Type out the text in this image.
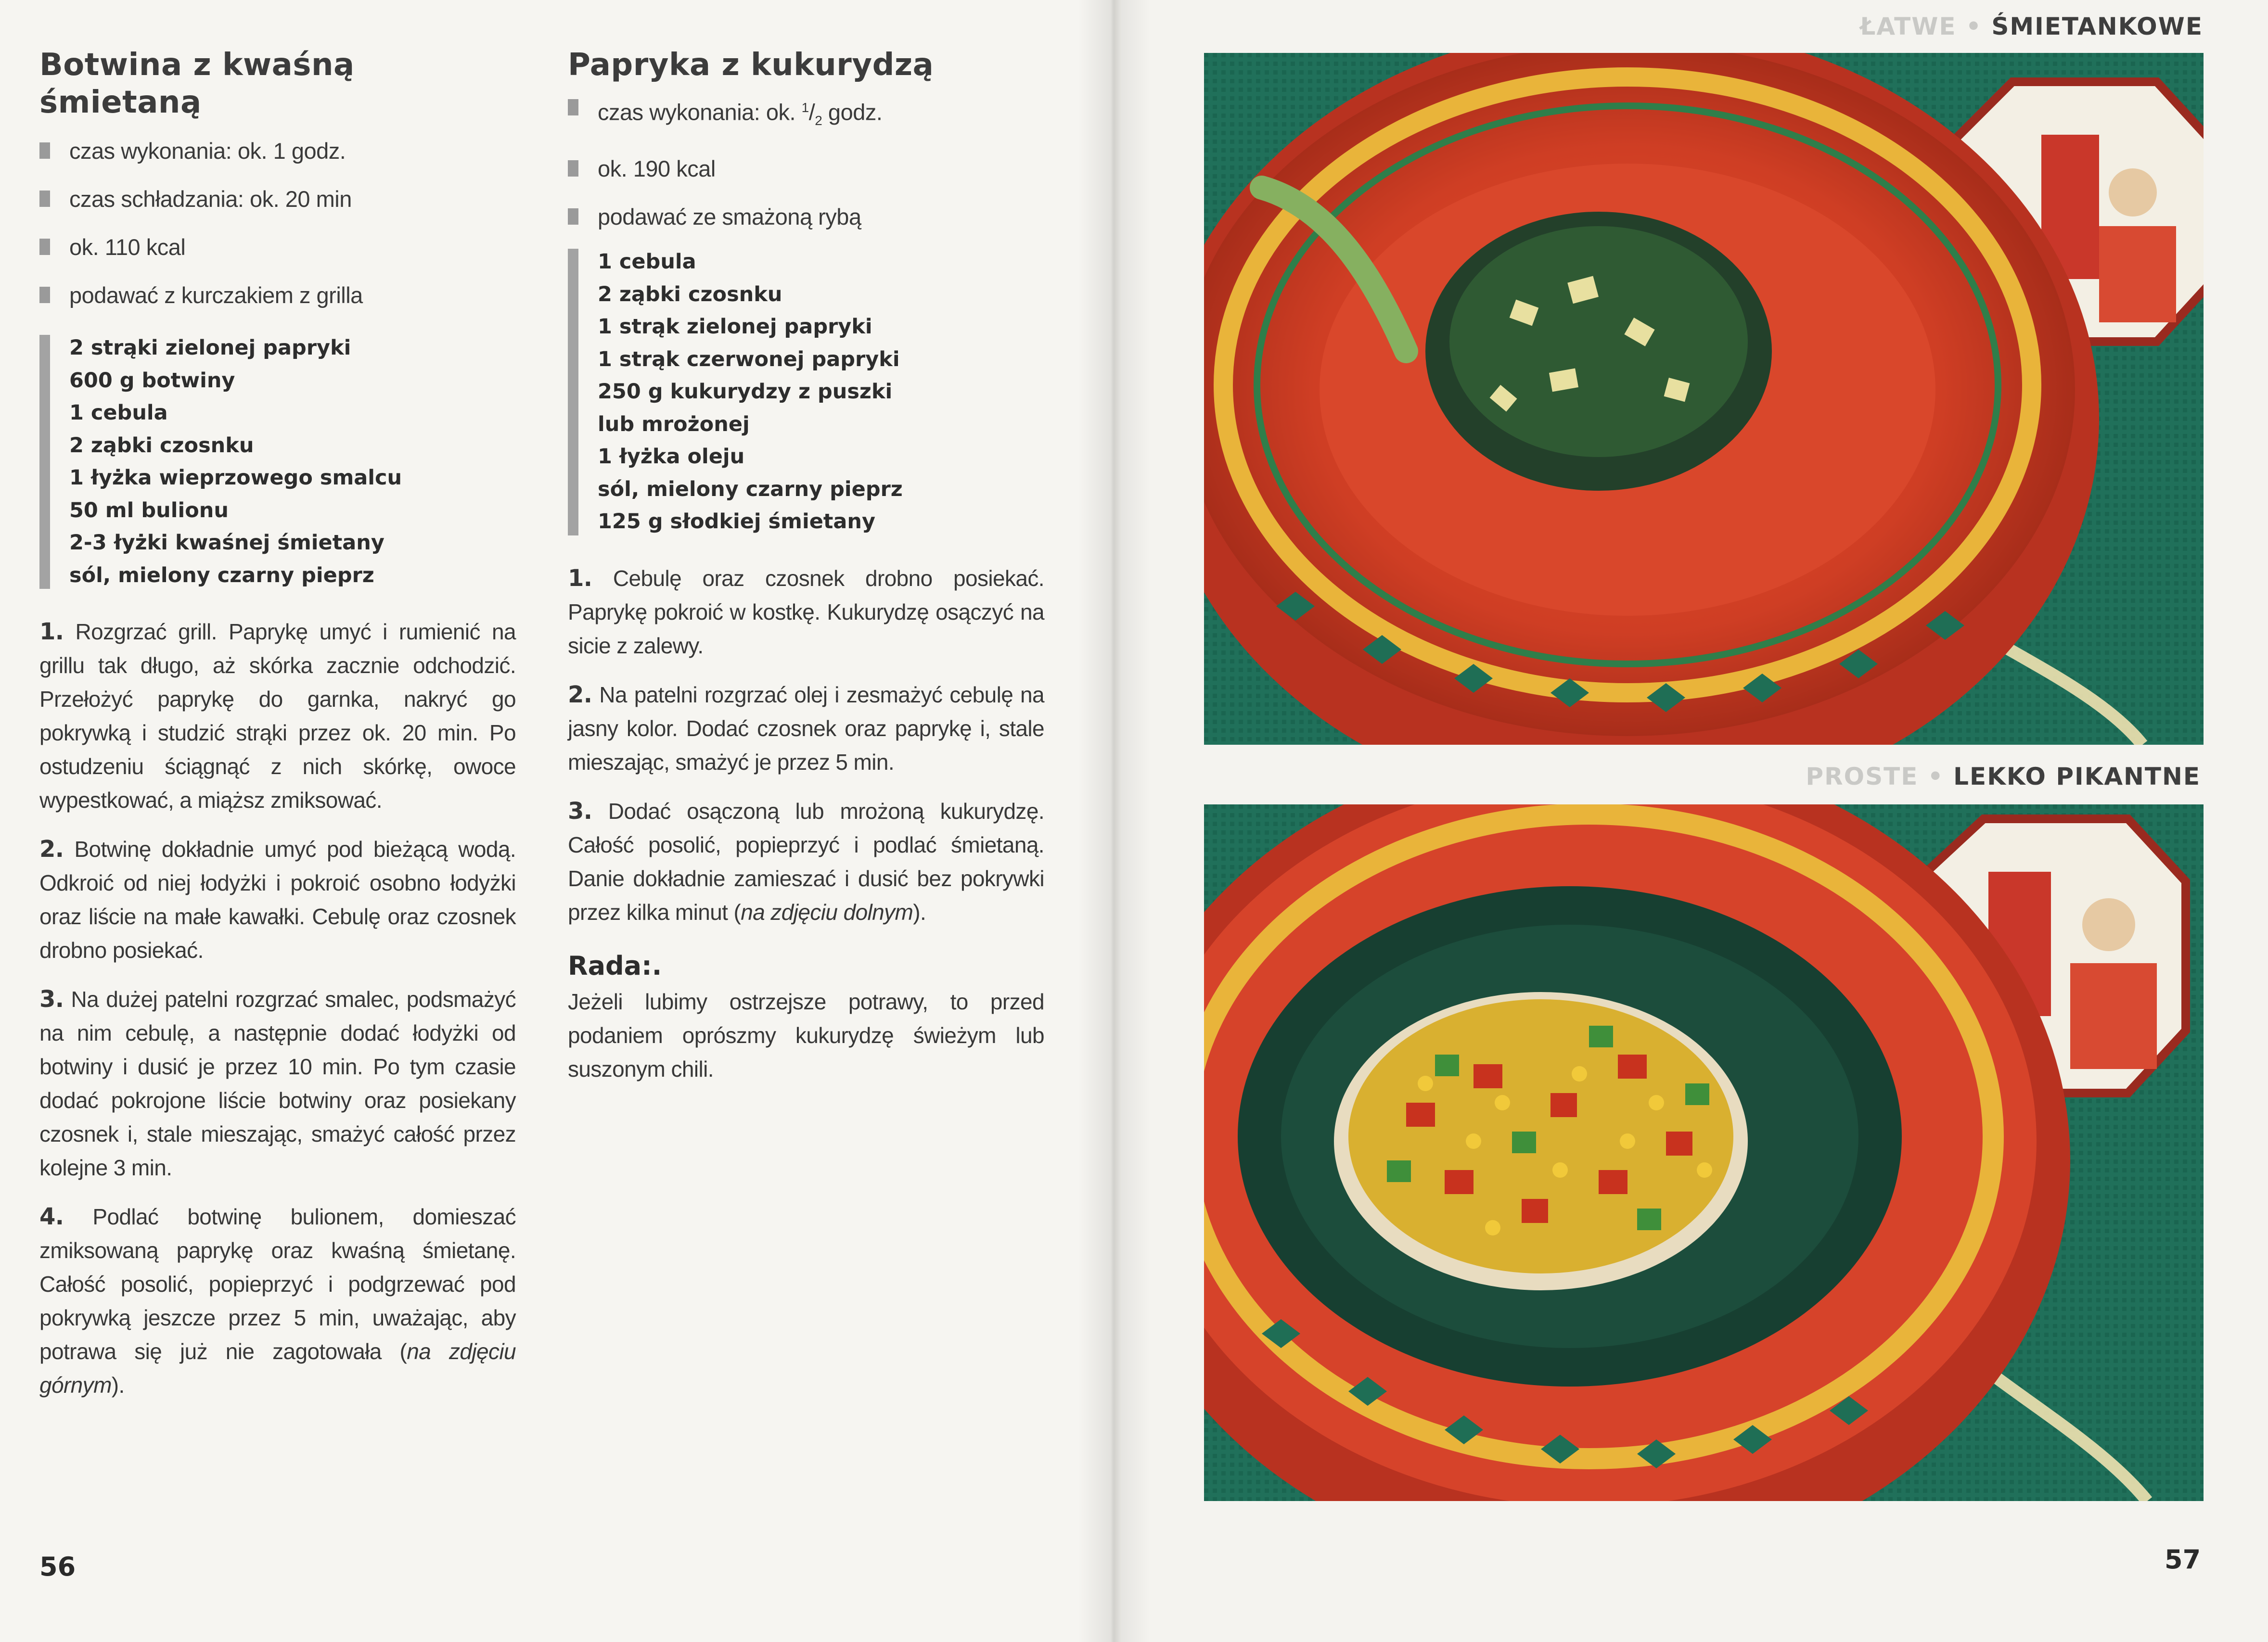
Botwina z kwaśną
śmietaną
czas wykonania: ok. 1 godz.
czas schładzania: ok. 20 min
ok. 110 kcal
podawać z kurczakiem z grilla
2 strąki zielonej papryki
600 g botwiny
1 cebula
2 ząbki czosnku
1 łyżka wieprzowego smalcu
50 ml bulionu
2-3 łyżki kwaśnej śmietany
sól, mielony czarny pieprz

1. Rozgrzać grill. Paprykę umyć i rumienić na grillu tak długo, aż skórka zacznie odchodzić. Przełożyć paprykę do garnka, nakryć go pokrywką i studzić strąki przez ok. 20 min. Po ostudzeniu ściągnąć z nich skórkę, owoce wypestkować, a miąższ zmiksować.

2. Botwinę dokładnie umyć pod bieżącą wodą. Odkroić od niej łodyżki i pokroić osobno łodyżki oraz liście na małe kawałki. Cebulę oraz czosnek drobno posiekać.

3. Na dużej patelni rozgrzać smalec, podsmażyć na nim cebulę, a następnie dodać łodyżki od botwiny i dusić je przez 10 min. Po tym czasie dodać pokrojone liście botwiny oraz posiekany czosnek i, stale mieszając, smażyć całość przez kolejne 3 min.

4. Podlać botwinę bulionem, domieszać zmiksowaną paprykę oraz kwaśną śmietanę. Całość posolić, popieprzyć i podgrzewać pod pokrywką jeszcze przez 5 min, uważając, aby potrawa się już nie zagotowała (na zdjęciu górnym).

Papryka z kukurydzą
czas wykonania: ok. $^1/_2$ godz.
ok. 190 kcal
podawać ze smażoną rybą
1 cebula
2 ząbki czosnku
1 strąk zielonej papryki
1 strąk czerwonej papryki
250 g kukurydzy z puszki
lub mrożonej
1 łyżka oleju
sól, mielony czarny pieprz
125 g słodkiej śmietany

1. Cebulę oraz czosnek drobno posiekać. Paprykę pokroić w kostkę. Kukurydzę osączyć na sicie z zalewy.

2. Na patelni rozgrzać olej i zesmażyć cebulę na jasny kolor. Dodać czosnek oraz paprykę i, stale mieszając, smażyć je przez 5 min.

3. Dodać osączoną lub mrożoną kukurydzę. Całość posolić, popieprzyć i podlać śmietaną. Danie dokładnie zamieszać i dusić bez pokrywki przez kilka minut (na zdjęciu dolnym).

Rada:.

Jeżeli lubimy ostrzejsze potrawy, to przed podaniem oprószmy kukurydzę świeżym lub suszonym chili.

56	57
ŁATWE • ŚMIETANKOWE
PROSTE • LEKKO PIKANTNE
